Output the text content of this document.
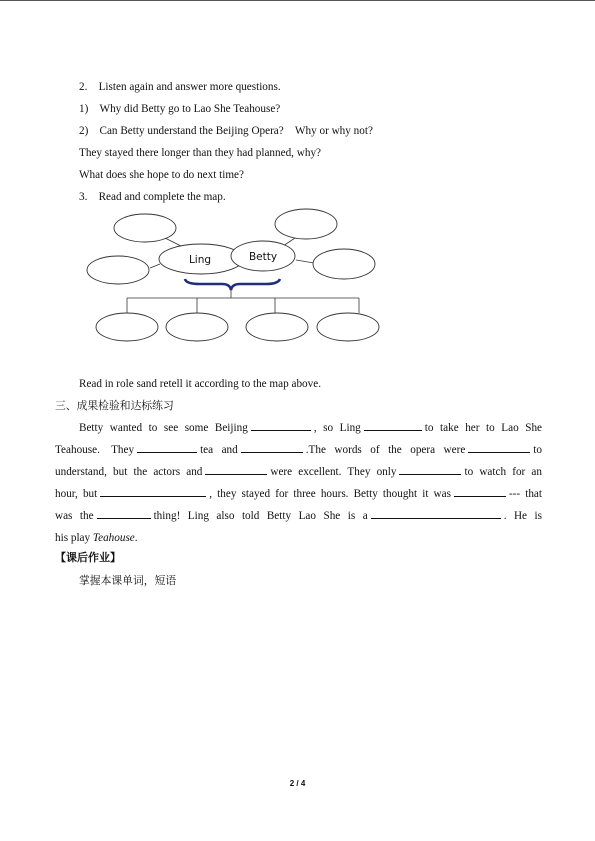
2. Listen again and answer more questions.
1) Why did Betty go to Lao She Teahouse?
2) Can Betty understand the Beijing Opera? Why or why not?
They stayed there longer than they had planned, why?
What does she hope to do next time?
3. Read and complete the map.
Ling	Betty
Read in role sand retell it according to the map above.
三、成果检验和达标练习
Betty wanted to see some Beijing	, so Ling	to take her to Lao She
Teahouse. They	tea and	.The words of the opera were	to
understand, but the actors and	were excellent. They only	to watch for an
hour, but	, they stayed for three hours. Betty thought it was	--- that
was the	thing! Ling also told Betty Lao She is a	. He is
his play Teahouse.
【课后作业】
掌握本课单词，短语
2 / 4
